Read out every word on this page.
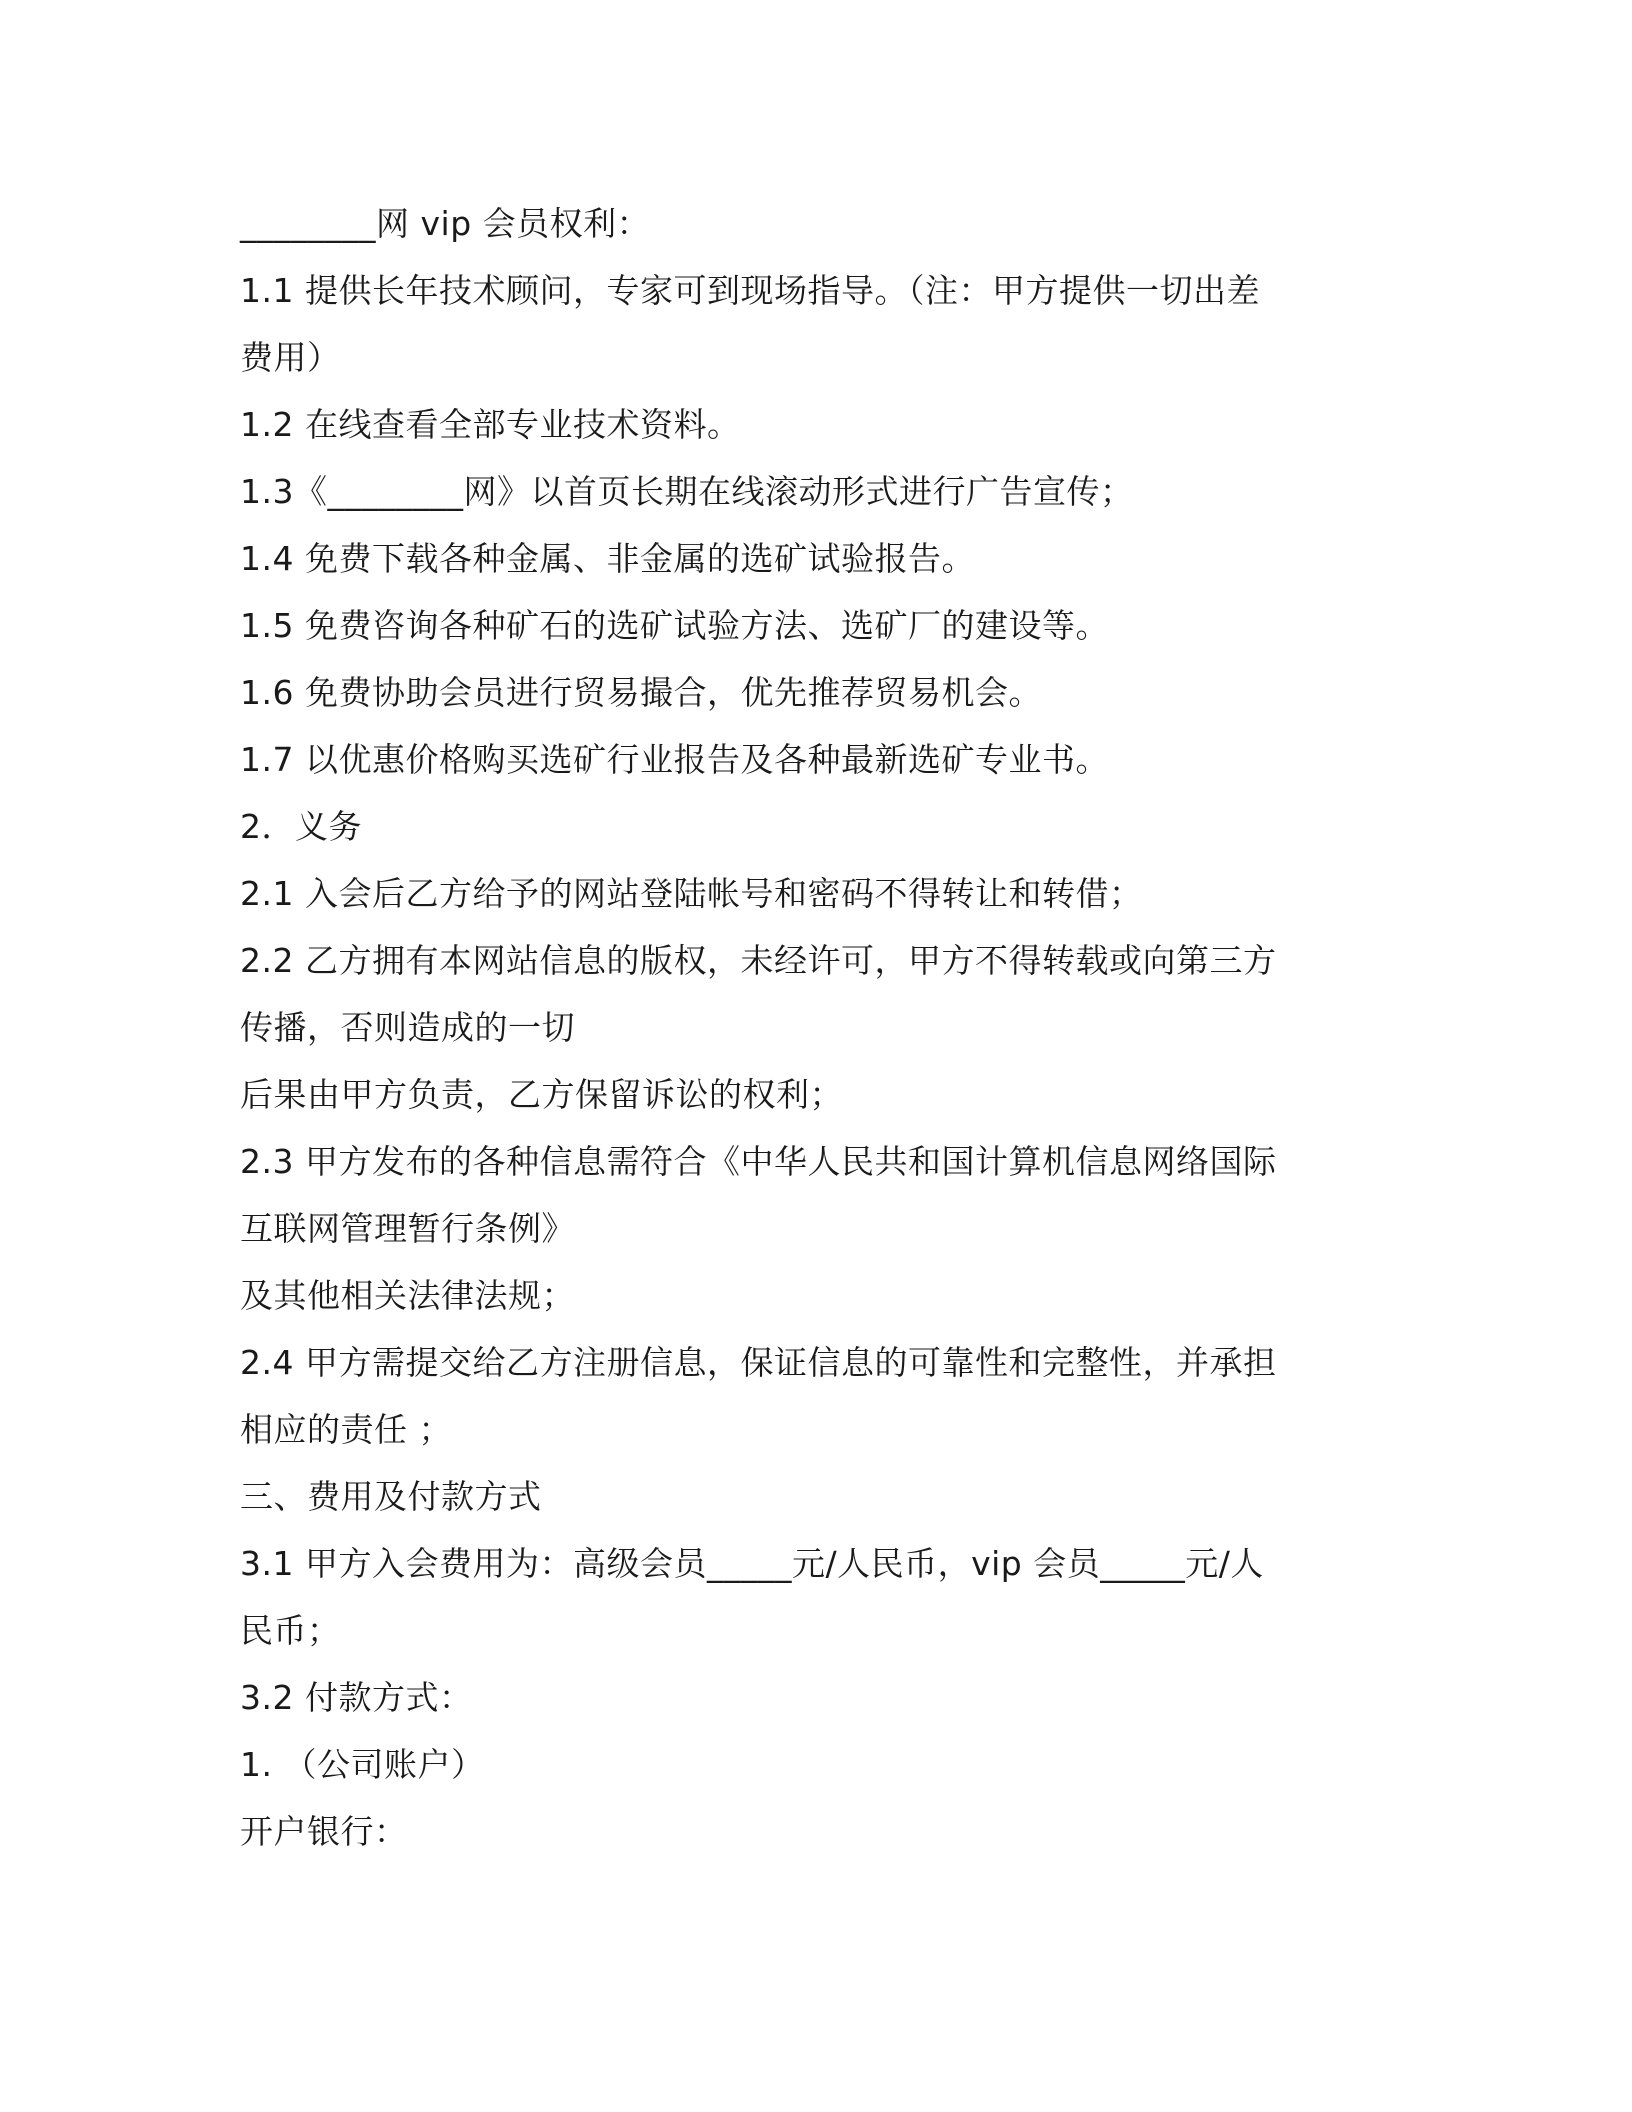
________网 vip 会员权利：
1.1 提供长年技术顾问，专家可到现场指导。（注：甲方提供一切出差
费用）
1.2 在线查看全部专业技术资料。
1.3《________网》以首页长期在线滚动形式进行广告宣传；
1.4 免费下载各种金属、非金属的选矿试验报告。
1.5 免费咨询各种矿石的选矿试验方法、选矿厂的建设等。
1.6 免费协助会员进行贸易撮合，优先推荐贸易机会。
1.7 以优惠价格购买选矿行业报告及各种最新选矿专业书。
2．义务
2.1 入会后乙方给予的网站登陆帐号和密码不得转让和转借；
2.2 乙方拥有本网站信息的版权，未经许可，甲方不得转载或向第三方
传播，否则造成的一切
后果由甲方负责，乙方保留诉讼的权利；
2.3 甲方发布的各种信息需符合《中华人民共和国计算机信息网络国际
互联网管理暂行条例》
及其他相关法律法规；
2.4 甲方需提交给乙方注册信息，保证信息的可靠性和完整性，并承担
相应的责任 ；
三、费用及付款方式
3.1 甲方入会费用为：高级会员_____元/人民币，vip 会员_____元/人
民币；
3.2 付款方式：
1. （公司账户）
开户银行：
